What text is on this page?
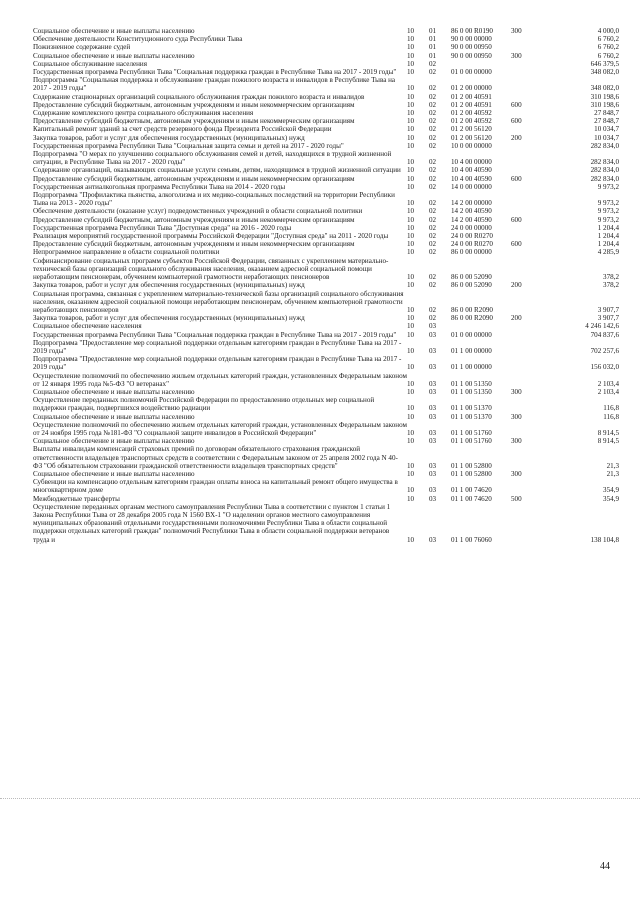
Социальное обеспечение и иные выплаты населению	10	01	86 0 00 R0190	300	4 000,0
Обеспечение деятельности Конституционного суда Республики Тыва	10	01	90 0 00 00000		6 760,2
Пожизненное содержание судей	10	01	90 0 00 00950		6 760,2
Социальное обеспечение и иные выплаты населению	10	01	90 0 00 00950	300	6 760,2
Социальное обслуживание населения	10	02			646 379,5
Государственная программа Республики Тыва "Социальная поддержка граждан в Республике Тыва на 2017 - 2019 годы"	10	02	01 0 00 00000		348 082,0
Подпрограмма "Социальная поддержка и обслуживание граждан пожилого возраста и инвалидов в Республике Тыва на 2017 - 2019 годы"	10	02	01 2 00 00000		348 082,0
Содержание стационарных организаций социального обслуживания граждан пожилого возраста и инвалидов	10	02	01 2 00 40591		310 198,6
Предоставление субсидий бюджетным, автономным учреждениям и иным некоммерческим организациям	10	02	01 2 00 40591	600	310 198,6
Содержание комплексного центра социального обслуживания населения	10	02	01 2 00 40592		27 848,7
Предоставление субсидий бюджетным, автономным учреждениям и иным некоммерческим организациям	10	02	01 2 00 40592	600	27 848,7
Капитальный ремонт зданий за счет средств резервного фонда Президента Российской Федерации	10	02	01 2 00 56120		10 034,7
Закупка товаров, работ и услуг для обеспечения государственных (муниципальных) нужд	10	02	01 2 00 56120	200	10 034,7
Государственная программа Республики Тыва "Социальная защита семьи и детей на 2017 - 2020 годы"	10	02	10 0 00 00000		282 834,0
Подпрограмма "О мерах по улучшению социального обслуживания семей и детей, находящихся в трудной жизненной ситуации, в Республике Тыва на 2017 - 2020 годы"	10	02	10 4 00 00000		282 834,0
Содержание организаций, оказывающих социальные услуги семьям, детям, находящимся в трудной жизненной ситуации	10	02	10 4 00 40590		282 834,0
Предоставление субсидий бюджетным, автономным учреждениям и иным некоммерческим организациям	10	02	10 4 00 40590	600	282 834,0
Государственная антиалкогольная программа Республики Тыва на 2014 - 2020 годы	10	02	14 0 00 00000		9 973,2
Подпрограмма "Профилактика пьянства, алкоголизма и их медико-социальных последствий на территории Республики Тыва на 2013 - 2020 годы"	10	02	14 2 00 00000		9 973,2
Обеспечение деятельности (оказание услуг) подведомственных учреждений в области социальной политики	10	02	14 2 00 40590		9 973,2
Предоставление субсидий бюджетным, автономным учреждениям и иным некоммерческим организациям	10	02	14 2 00 40590	600	9 973,2
Государственная программа Республики Тыва "Доступная среда" на 2016 - 2020 годы	10	02	24 0 00 00000		1 204,4
Реализация мероприятий государственной программы Российской Федерации "Доступная среда" на 2011 - 2020 годы	10	02	24 0 00 R0270		1 204,4
Предоставление субсидий бюджетным, автономным учреждениям и иным некоммерческим организациям	10	02	24 0 00 R0270	600	1 204,4
Непрограммное направление в области социальной политики	10	02	86 0 00 00000		4 285,9
Софинансирование социальных программ субъектов Российской Федерации, связанных с укреплением материально-технической базы организаций социального обслуживания населения, оказанием адресной социальной помощи неработающим пенсионерам, обучением компьютерной грамотности неработающих пенсионеров	10	02	86 0 00 52090		378,2
Закупка товаров, работ и услуг для обеспечения государственных (муниципальных) нужд	10	02	86 0 00 52090	200	378,2
Социальная программа, связанная с укреплением материально-технической базы организаций социального обслуживания населения, оказанием адресной социальной помощи неработающим пенсионерам, обучением компьютерной грамотности неработающих пенсионеров	10	02	86 0 00 R2090		3 907,7
Закупка товаров, работ и услуг для обеспечения государственных (муниципальных) нужд	10	02	86 0 00 R2090	200	3 907,7
Социальное обеспечение населения	10	03			4 246 142,6
Государственная программа Республики Тыва "Социальная поддержка граждан в Республике Тыва на 2017 - 2019 годы"	10	03	01 0 00 00000		704 837,6
Подпрограмма "Предоставление мер социальной поддержки отдельным категориям граждан в Республике Тыва на 2017 - 2019 годы"	10	03	01 1 00 00000		702 257,6
Подпрограмма "Предоставление мер социальной поддержки отдельным категориям граждан в Республике Тыва на 2017 - 2019 годы"	10	03	01 1 00 00000		156 032,0
Осуществление полномочий по обеспечению жильем отдельных категорий граждан, установленных Федеральным законом от 12 января 1995 года №5-ФЗ "О ветеранах"	10	03	01 1 00 51350		2 103,4
Социальное обеспечение и иные выплаты населению	10	03	01 1 00 51350	300	2 103,4
Осуществление переданных полномочий Российской Федерации по предоставлению отдельных мер социальной поддержки граждан, подвергшихся воздействию радиации	10	03	01 1 00 51370		116,8
Социальное обеспечение и иные выплаты населению	10	03	01 1 00 51370	300	116,8
Осуществление полномочий по обеспечению жильем отдельных категорий граждан, установленных Федеральным законом от 24 ноября 1995 года №181-ФЗ "О социальной защите инвалидов в Российской Федерации"	10	03	01 1 00 51760		8 914,5
Социальное обеспечение и иные выплаты населению	10	03	01 1 00 51760	300	8 914,5
Выплаты инвалидам компенсаций страховых премий по договорам обязательного страхования гражданской ответственности владельцев транспортных средств в соответствии с Федеральным законом от 25 апреля 2002 года N 40-ФЗ "Об обязательном страховании гражданской ответственности владельцев транспортных средств"	10	03	01 1 00 52800		21,3
Социальное обеспечение и иные выплаты населению	10	03	01 1 00 52800	300	21,3
Субвенции на компенсацию отдельным категориям граждан оплаты взноса на капитальный ремонт общего имущества в многоквартирном доме	10	03	01 1 00 74620		354,9
Межбюджетные трансферты	10	03	01 1 00 74620	500	354,9
Осуществление переданных органам местного самоуправления Республики Тыва в соответствии с пунктом 1 статьи 1 Закона Республики Тыва от 28 декабря 2005 года N 1560 ВХ-1 "О наделении органов местного самоуправления муниципальных образований отдельными государственными полномочиями Республики Тыва в области социальной поддержки отдельных категорий граждан" полномочий Республики Тыва в области социальной поддержки ветеранов труда и	10	03	01 1 00 76060		138 104,8
44
